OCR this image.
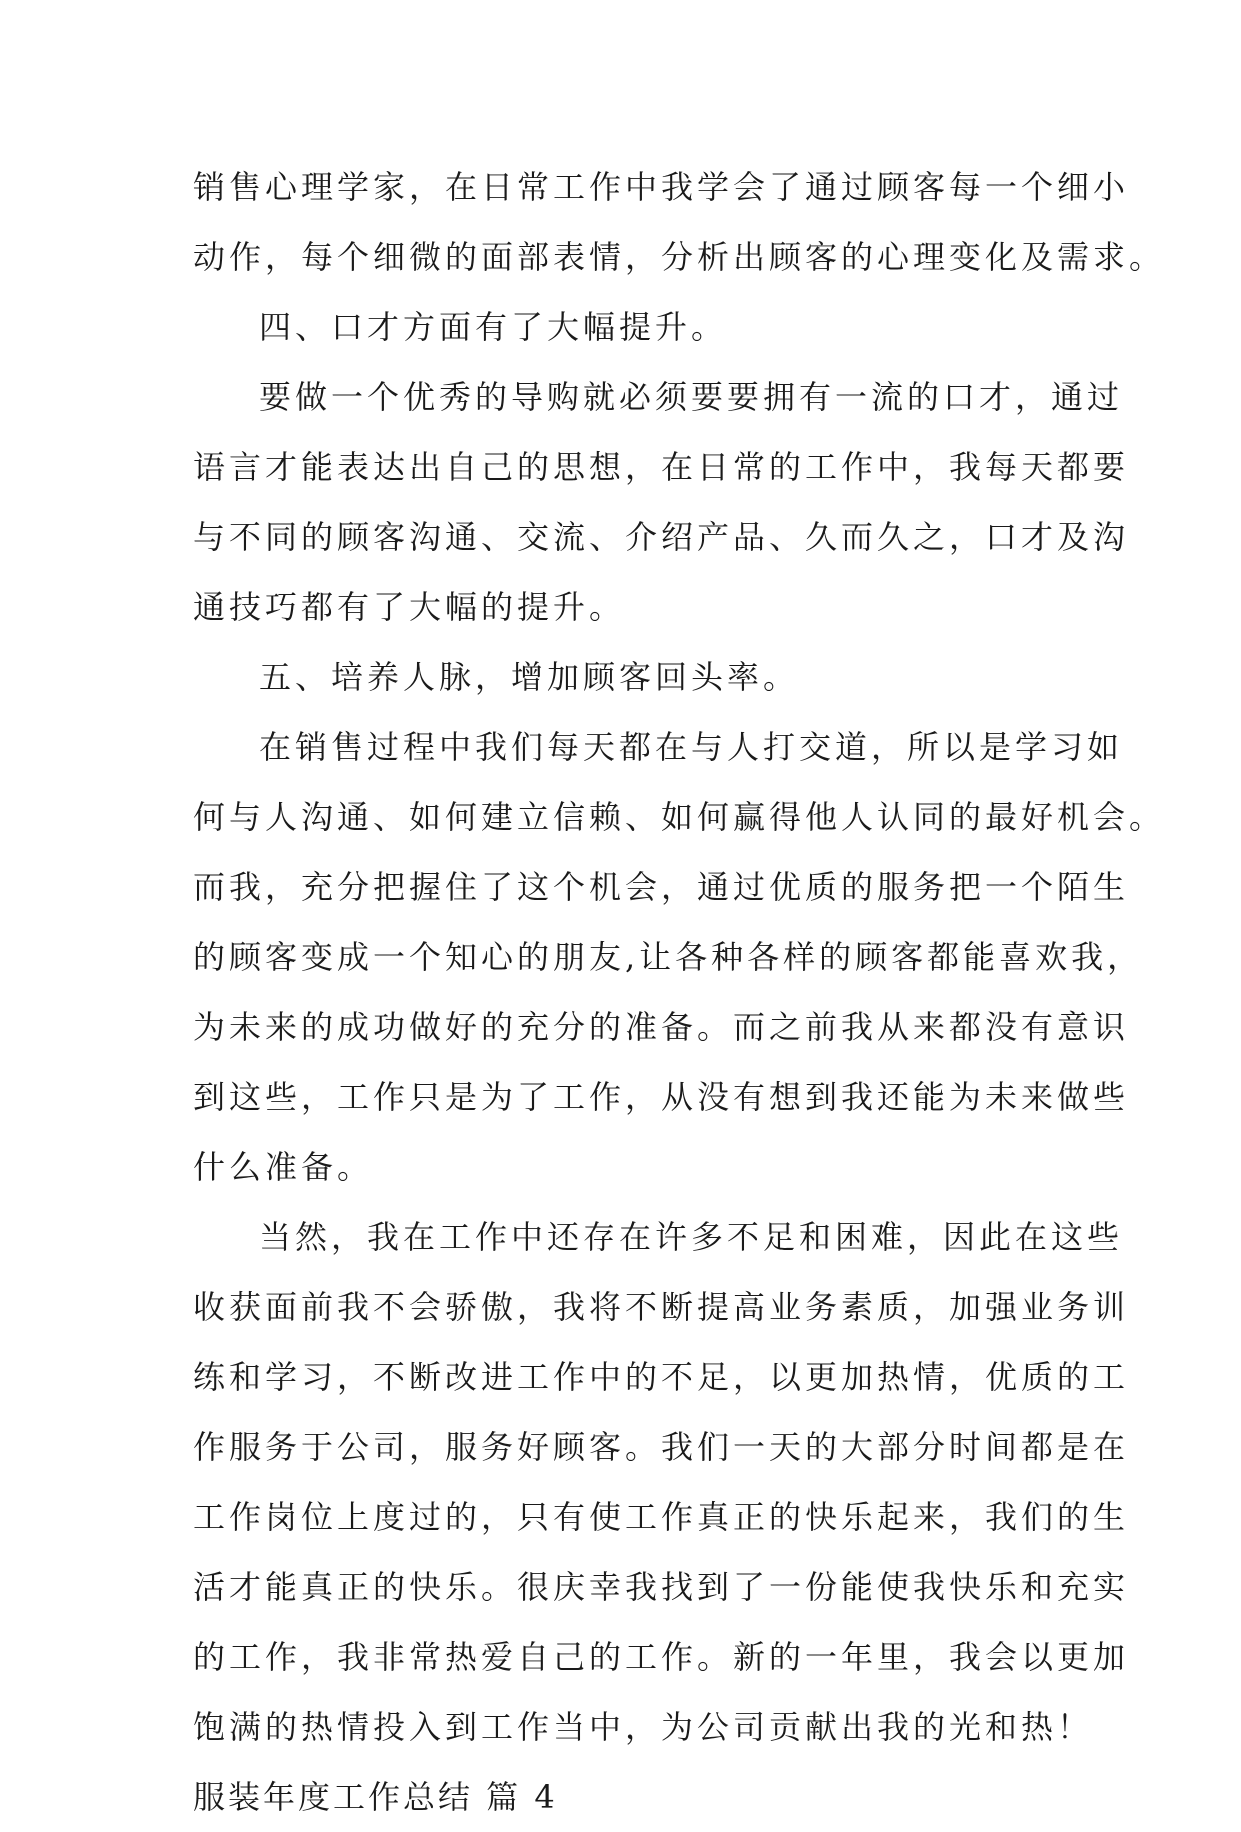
销售心理学家，在日常工作中我学会了通过顾客每一个细小
动作，每个细微的面部表情，分析出顾客的心理变化及需求。
四、口才方面有了大幅提升。
要做一个优秀的导购就必须要要拥有一流的口才，通过
语言才能表达出自己的思想，在日常的工作中，我每天都要
与不同的顾客沟通、交流、介绍产品、久而久之，口才及沟
通技巧都有了大幅的提升。
五、培养人脉，增加顾客回头率。
在销售过程中我们每天都在与人打交道，所以是学习如
何与人沟通、如何建立信赖、如何赢得他人认同的最好机会。
而我，充分把握住了这个机会，通过优质的服务把一个陌生
的顾客变成一个知心的朋友,让各种各样的顾客都能喜欢我，
为未来的成功做好的充分的准备。而之前我从来都没有意识
到这些，工作只是为了工作，从没有想到我还能为未来做些
什么准备。
当然，我在工作中还存在许多不足和困难，因此在这些
收获面前我不会骄傲，我将不断提高业务素质，加强业务训
练和学习，不断改进工作中的不足，以更加热情，优质的工
作服务于公司，服务好顾客。我们一天的大部分时间都是在
工作岗位上度过的，只有使工作真正的快乐起来，我们的生
活才能真正的快乐。很庆幸我找到了一份能使我快乐和充实
的工作，我非常热爱自己的工作。新的一年里，我会以更加
饱满的热情投入到工作当中，为公司贡献出我的光和热！
服装年度工作总结 篇 4
